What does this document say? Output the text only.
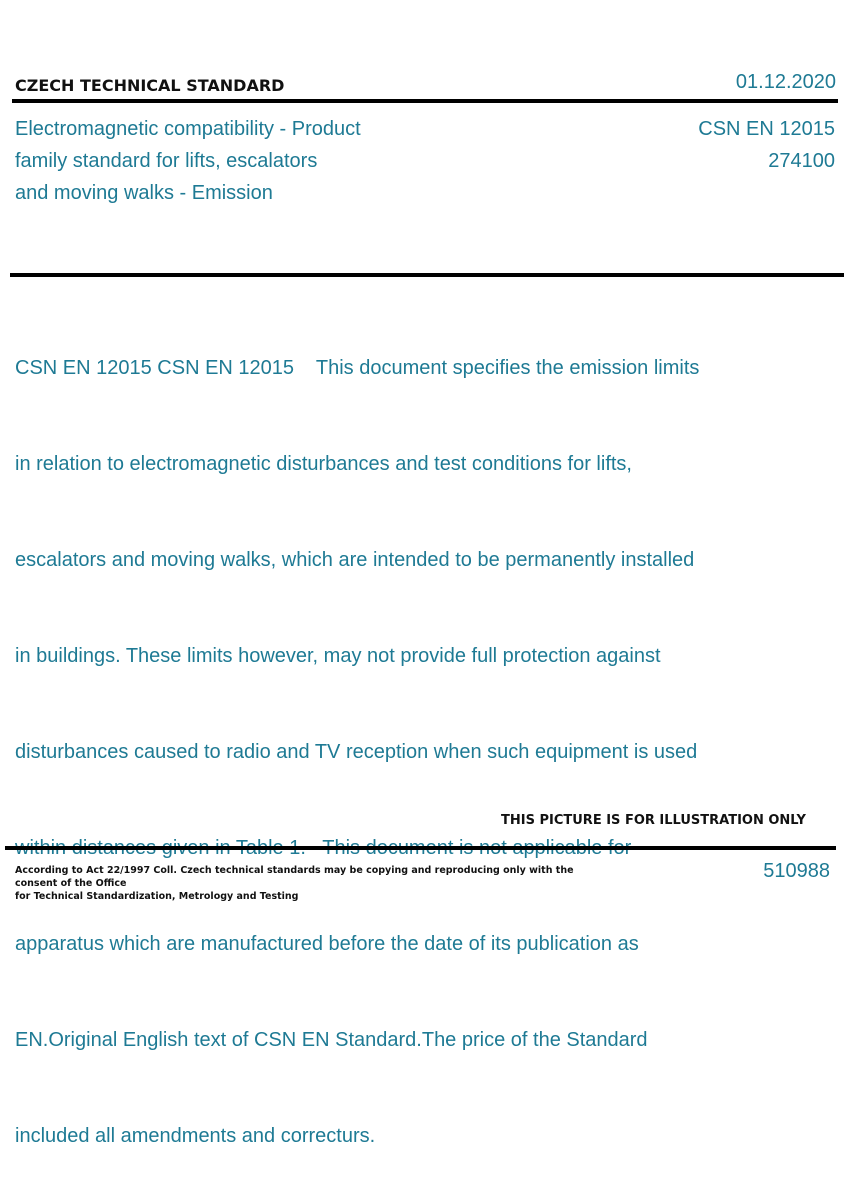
CZECH TECHNICAL STANDARD	01.12.2020
Electromagnetic compatibility - Product
family standard for lifts, escalators
and moving walks - Emission
CSN EN 12015
274100

CSN EN 12015 CSN EN 12015    This document specifies the emission limits

in relation to electromagnetic disturbances and test conditions for lifts,

escalators and moving walks, which are intended to be permanently installed

in buildings. These limits however, may not provide full protection against

disturbances caused to radio and TV reception when such equipment is used

apparatus which are manufactured before the date of its publication as

EN.Original English text of CSN EN Standard.The price of the Standard

included all amendments and correcturs.

THIS PICTURE IS FOR ILLUSTRATION ONLY
According to Act 22/1997 Coll. Czech technical standards may be copying and reproducing only with the consent of the Office
for Technical Standardization, Metrology and Testing
510988
